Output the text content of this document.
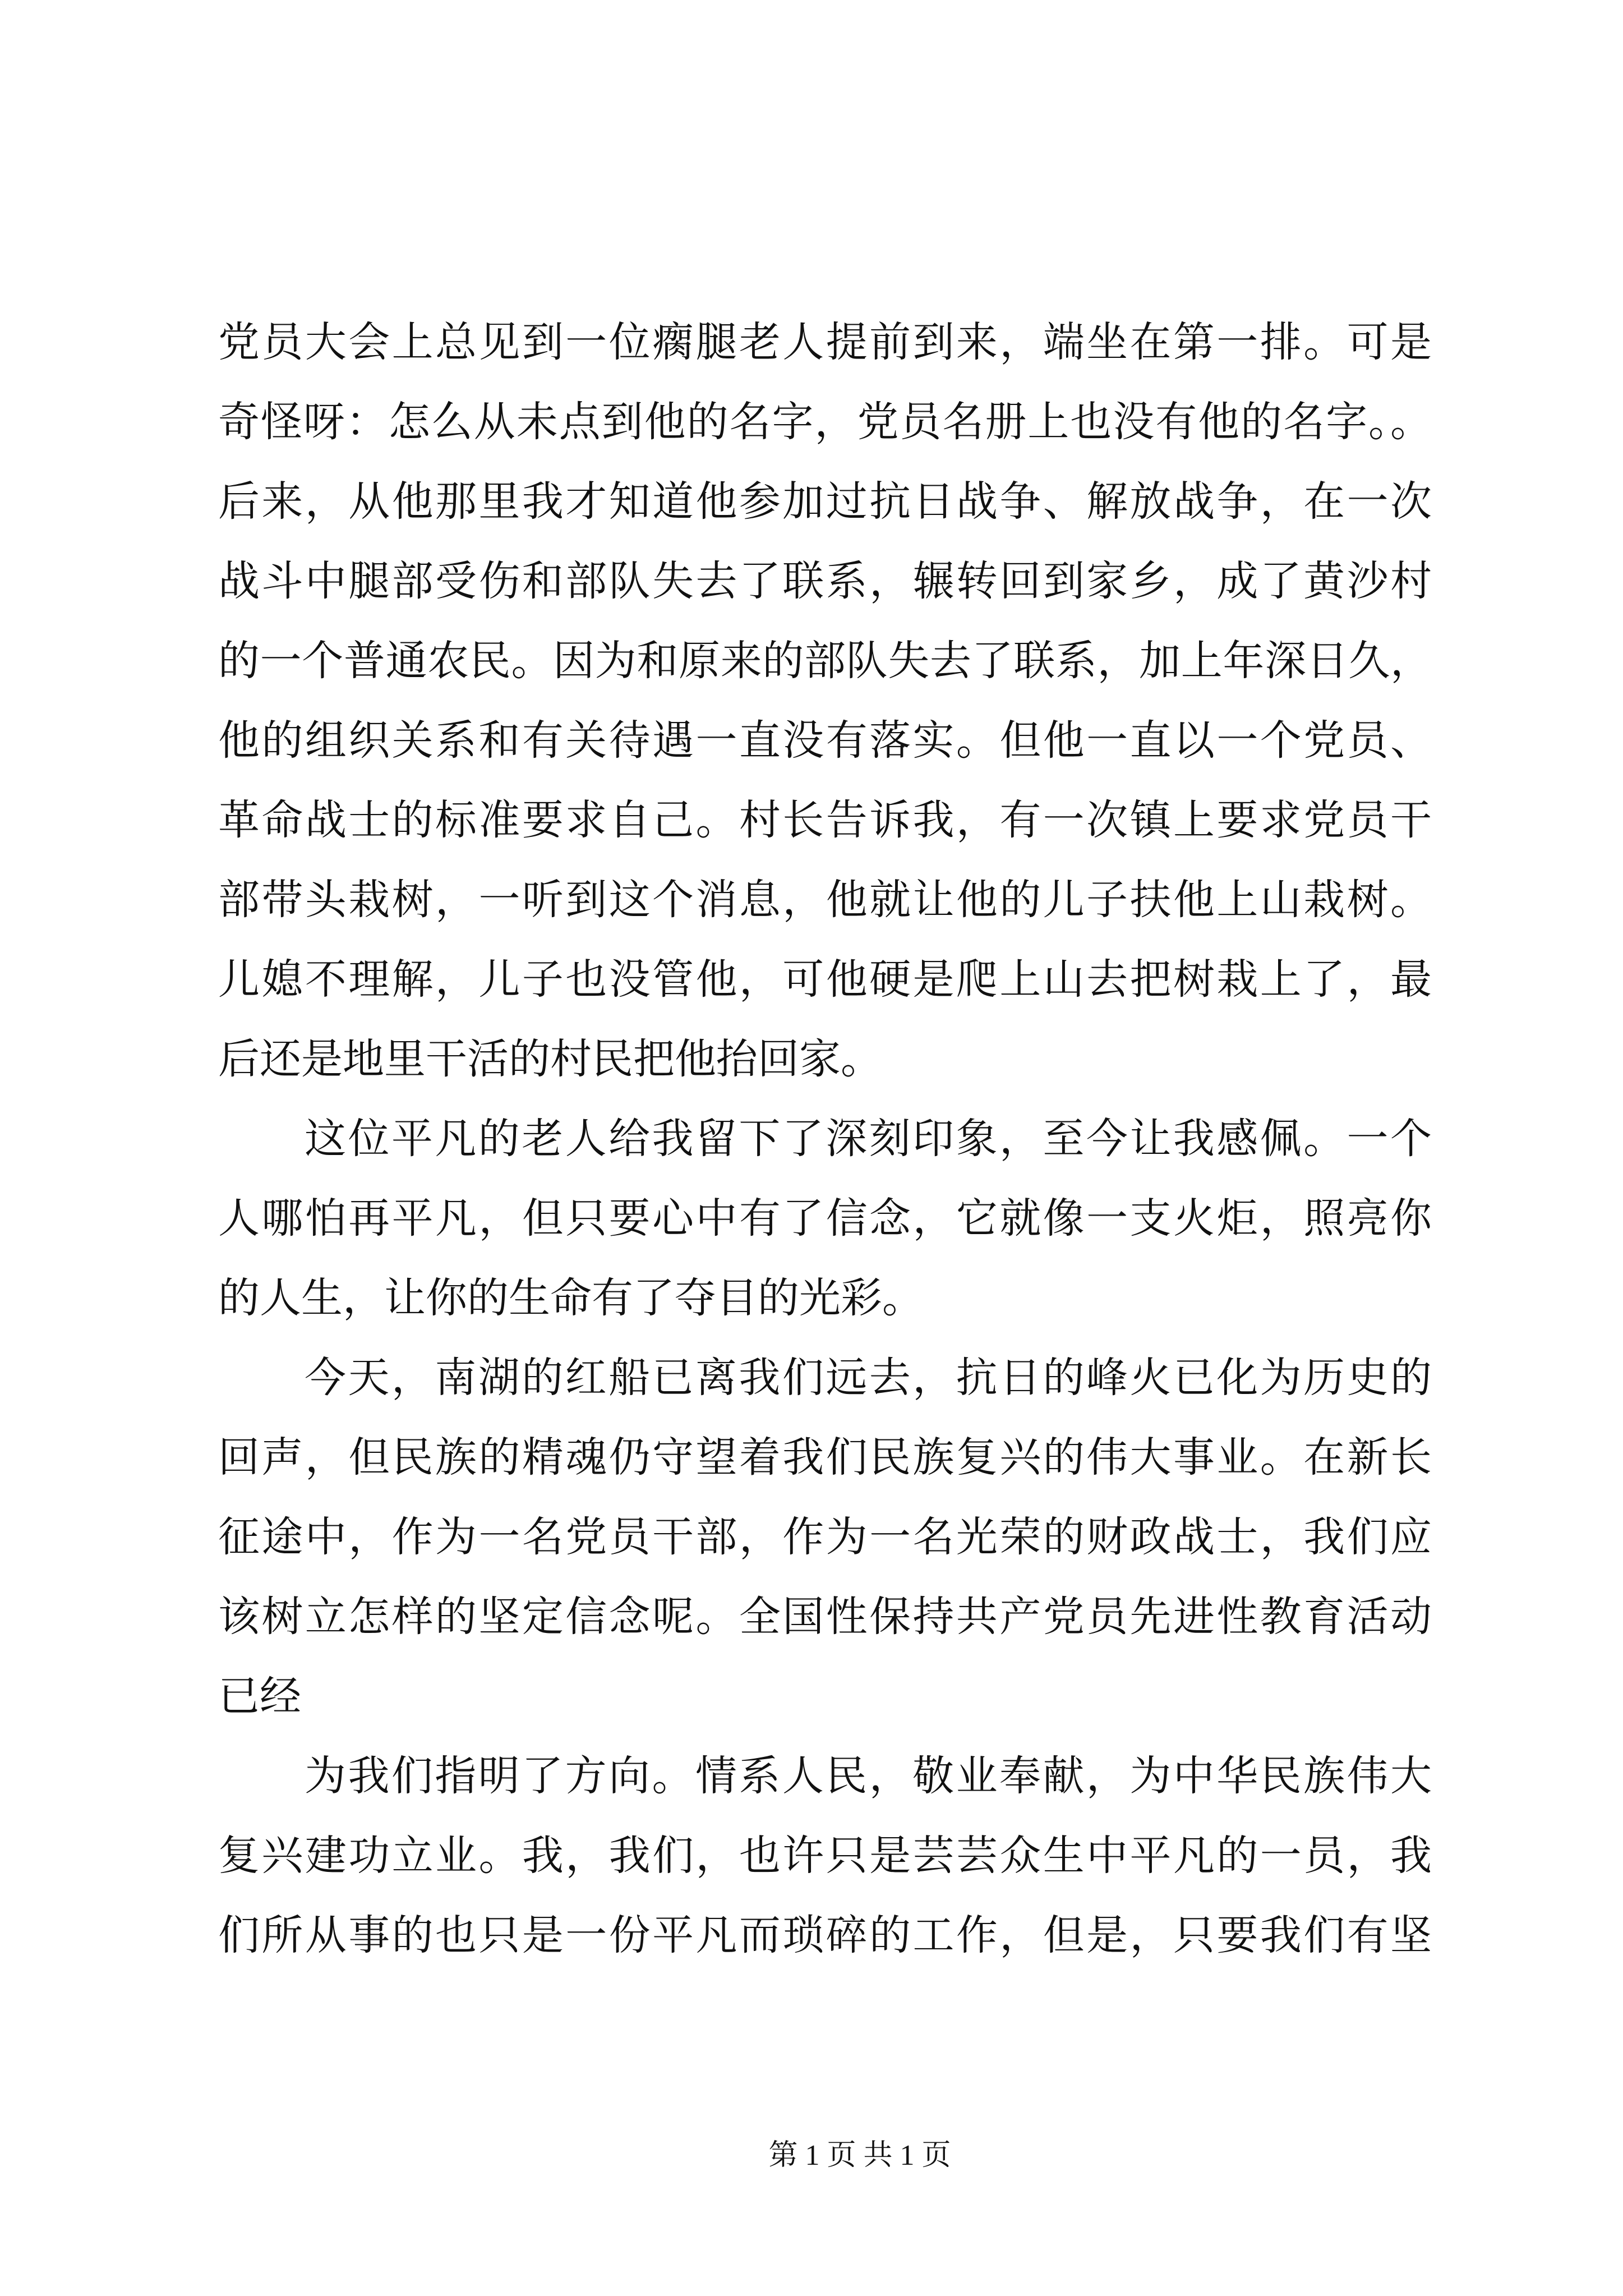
党员大会上总见到一位瘸腿老人提前到来，端坐在第一排。可是
奇怪呀：怎么从未点到他的名字，党员名册上也没有他的名字。。
后来，从他那里我才知道他参加过抗日战争、解放战争，在一次
战斗中腿部受伤和部队失去了联系，辗转回到家乡，成了黄沙村
的一个普通农民。因为和原来的部队失去了联系，加上年深日久，
他的组织关系和有关待遇一直没有落实。但他一直以一个党员、
革命战士的标准要求自己。村长告诉我，有一次镇上要求党员干
部带头栽树，一听到这个消息，他就让他的儿子扶他上山栽树。
儿媳不理解，儿子也没管他，可他硬是爬上山去把树栽上了，最
后还是地里干活的村民把他抬回家。
这位平凡的老人给我留下了深刻印象，至今让我感佩。一个
人哪怕再平凡，但只要心中有了信念，它就像一支火炬，照亮你
的人生，让你的生命有了夺目的光彩。
今天，南湖的红船已离我们远去，抗日的峰火已化为历史的
回声，但民族的精魂仍守望着我们民族复兴的伟大事业。在新长
征途中，作为一名党员干部，作为一名光荣的财政战士，我们应
该树立怎样的坚定信念呢。全国性保持共产党员先进性教育活动
已经
为我们指明了方向。情系人民，敬业奉献，为中华民族伟大
复兴建功立业。我，我们，也许只是芸芸众生中平凡的一员，我
们所从事的也只是一份平凡而琐碎的工作，但是，只要我们有坚
第 1 页 共 1 页
